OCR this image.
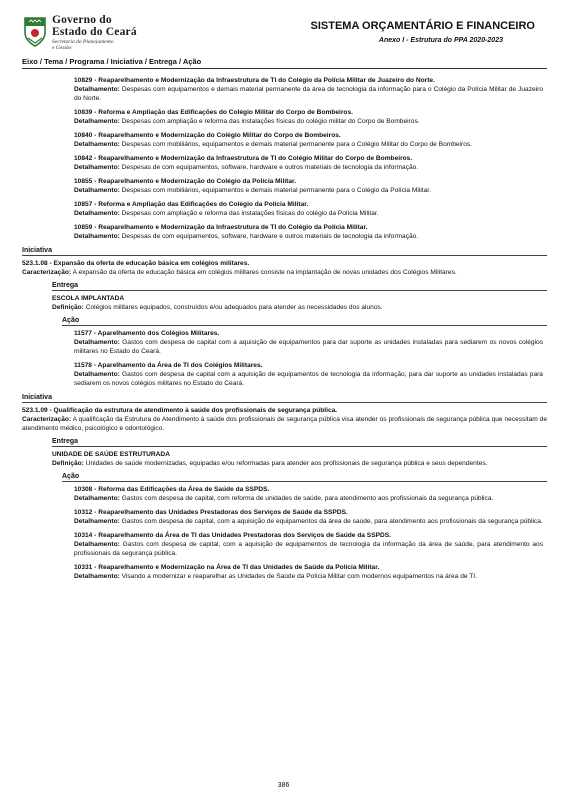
Governo do
Estado do Ceará
Secretaria do Planejamento
e Gestão
SISTEMA ORÇAMENTÁRIO E FINANCEIRO
Anexo I - Estrutura do PPA 2020-2023
Eixo / Tema / Programa / Iniciativa / Entrega / Ação
10829 - Reaparelhamento e Modernização da Infraestrutura de TI do Colégio da Polícia Militar de Juazeiro do Norte.
Detalhamento: Despesas com equipamentos e demais material permanente da área de tecnologia da informação para o Colégio da Polícia Militar de Juazeiro do Norte.
10839 - Reforma e Ampliação das Edificações do Colégio Militar do Corpo de Bombeiros.
Detalhamento: Despesas com ampliação e reforma das instalações físicas do colégio militar do Corpo de Bombeiros.
10840 - Reaparelhamento e Modernização do Colégio Militar do Corpo de Bombeiros.
Detalhamento: Despesas com mobiliários, equipamentos e demais material permanente para o Colégio Militar do Corpo de Bombeiros.
10842 - Reaparelhamento e Modernização da Infraestrutura de TI do Colégio Militar do Corpo de Bombeiros.
Detalhamento: Despesas de com equipamentos, software, hardware e outros materiais de tecnologia da informação.
10855 - Reaparelhamento e Modernização do Colégio da Polícia Militar.
Detalhamento: Despesas com mobiliários, equipamentos e demais material permanente para o Colégio da Polícia Militar.
10857 - Reforma e Ampliação das Edificações do Colégio da Polícia Militar.
Detalhamento: Despesas com ampliação e reforma das instalações físicas do colégio da Polícia Militar.
10859 - Reaparelhamento e Modernização da Infraestrutura de TI do Colégio da Polícia Militar.
Detalhamento: Despesas de com equipamentos, software, hardware e outros materiais de tecnologia da informação.
Iniciativa
523.1.08 - Expansão da oferta de educação básica em colégios militares.
Caracterização: A expansão da oferta de educação básica em colégios militares consiste na implantação de novas unidades dos Colégios Militares.
Entrega
ESCOLA IMPLANTADA
Definição: Colégios militares equipados, construídos e/ou adequados para atender as necessidades dos alunos.
Ação
11577 - Aparelhamento dos Colégios Militares.
Detalhamento: Gastos com despesa de capital com a aquisição de equipamentos para dar suporte as unidades instaladas para sediarem os novos colégios militares no Estado do Ceará.
11578 - Aparelhamento da Área de TI dos Colégios Militares.
Detalhamento: Gastos com despesa de capital com a aquisição de equipamentos de tecnologia da informação, para dar suporte as unidades instaladas para sediarem os novos colégios militares no Estado do Ceará.
Iniciativa
523.1.09 - Qualificação da estrutura de atendimento à saúde dos profissionais de segurança pública.
Caracterização: A qualificação da Estrutura de Atendimento à saúde dos profissionais de segurança pública visa atender os profissionais de segurança pública que necessitam de atendimento médico, psicológico e odontológico.
Entrega
UNIDADE DE SAÚDE ESTRUTURADA
Definição: Unidades de saúde modernizadas, equipadas e/ou reformadas para atender aos profissionais de segurança pública e seus dependentes.
Ação
10308 - Reforma das Edificações da Área de Saúde da SSPDS.
Detalhamento: Gastos com despesa de capital, com reforma de unidades de saúde, para atendimento aos profissionais da segurança pública.
10312 - Reaparelhamento das Unidades Prestadoras dos Serviços de Saúde da SSPDS.
Detalhamento: Gastos com despesa de capital, com a aquisição de equipamentos da área de saúde, para atendimento aos profissionais da segurança pública.
10314 - Reaparelhamento da Área de TI das Unidades Prestadoras dos Serviços de Saúde da SSPDS.
Detalhamento: Gastos com despesa de capital, com a aquisição de equipamentos de tecnologia da informação da área de saúde, para atendimento aos profissionais da segurança pública.
10331 - Reaparelhamento e Modernização na Área de TI das Unidades de Saúde da Polícia Militar.
Detalhamento: Visando a modernizar e reaparelhar as Unidades de Saúde da Polícia Militar com modernos equipamentos na área de TI.
386
